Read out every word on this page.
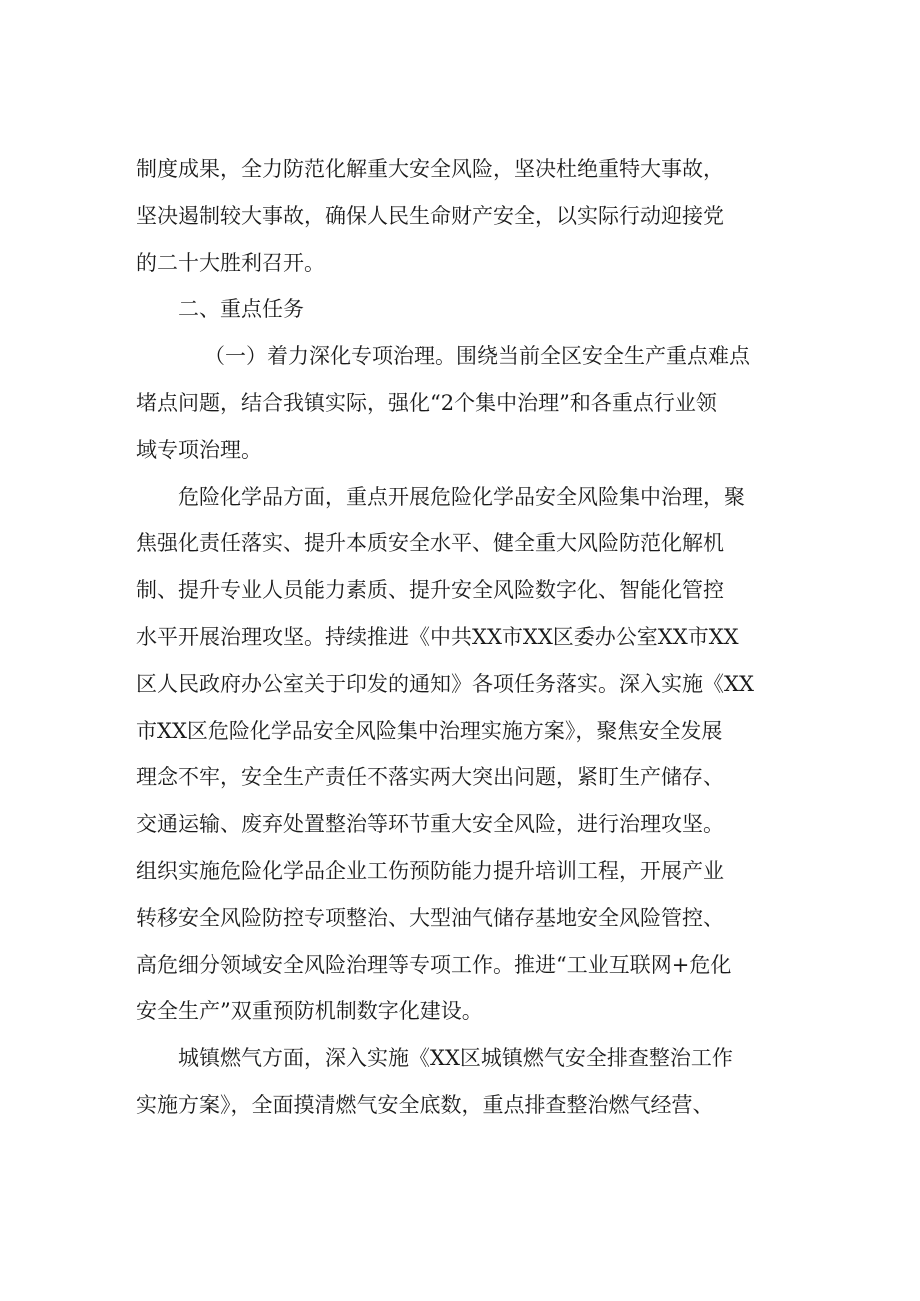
制度成果，全力防范化解重大安全风险，坚决杜绝重特大事故，
坚决遏制较大事故，确保人民生命财产安全，以实际行动迎接党
的二十大胜利召开。
二、重点任务
（一）着力深化专项治理。围绕当前全区安全生产重点难点
堵点问题，结合我镇实际，强化“2个集中治理”和各重点行业领
域专项治理。
危险化学品方面，重点开展危险化学品安全风险集中治理，聚
焦强化责任落实、提升本质安全水平、健全重大风险防范化解机
制、提升专业人员能力素质、提升安全风险数字化、智能化管控
水平开展治理攻坚。持续推进《中共XX市XX区委办公室XX市XX
区人民政府办公室关于印发的通知》各项任务落实。深入实施《XX
市XX区危险化学品安全风险集中治理实施方案》，聚焦安全发展
理念不牢，安全生产责任不落实两大突出问题，紧盯生产储存、
交通运输、废弃处置整治等环节重大安全风险，进行治理攻坚。
组织实施危险化学品企业工伤预防能力提升培训工程，开展产业
转移安全风险防控专项整治、大型油气储存基地安全风险管控、
高危细分领域安全风险治理等专项工作。推进“工业互联网+危化
安全生产”双重预防机制数字化建设。
城镇燃气方面，深入实施《XX区城镇燃气安全排查整治工作
实施方案》，全面摸清燃气安全底数，重点排查整治燃气经营、
